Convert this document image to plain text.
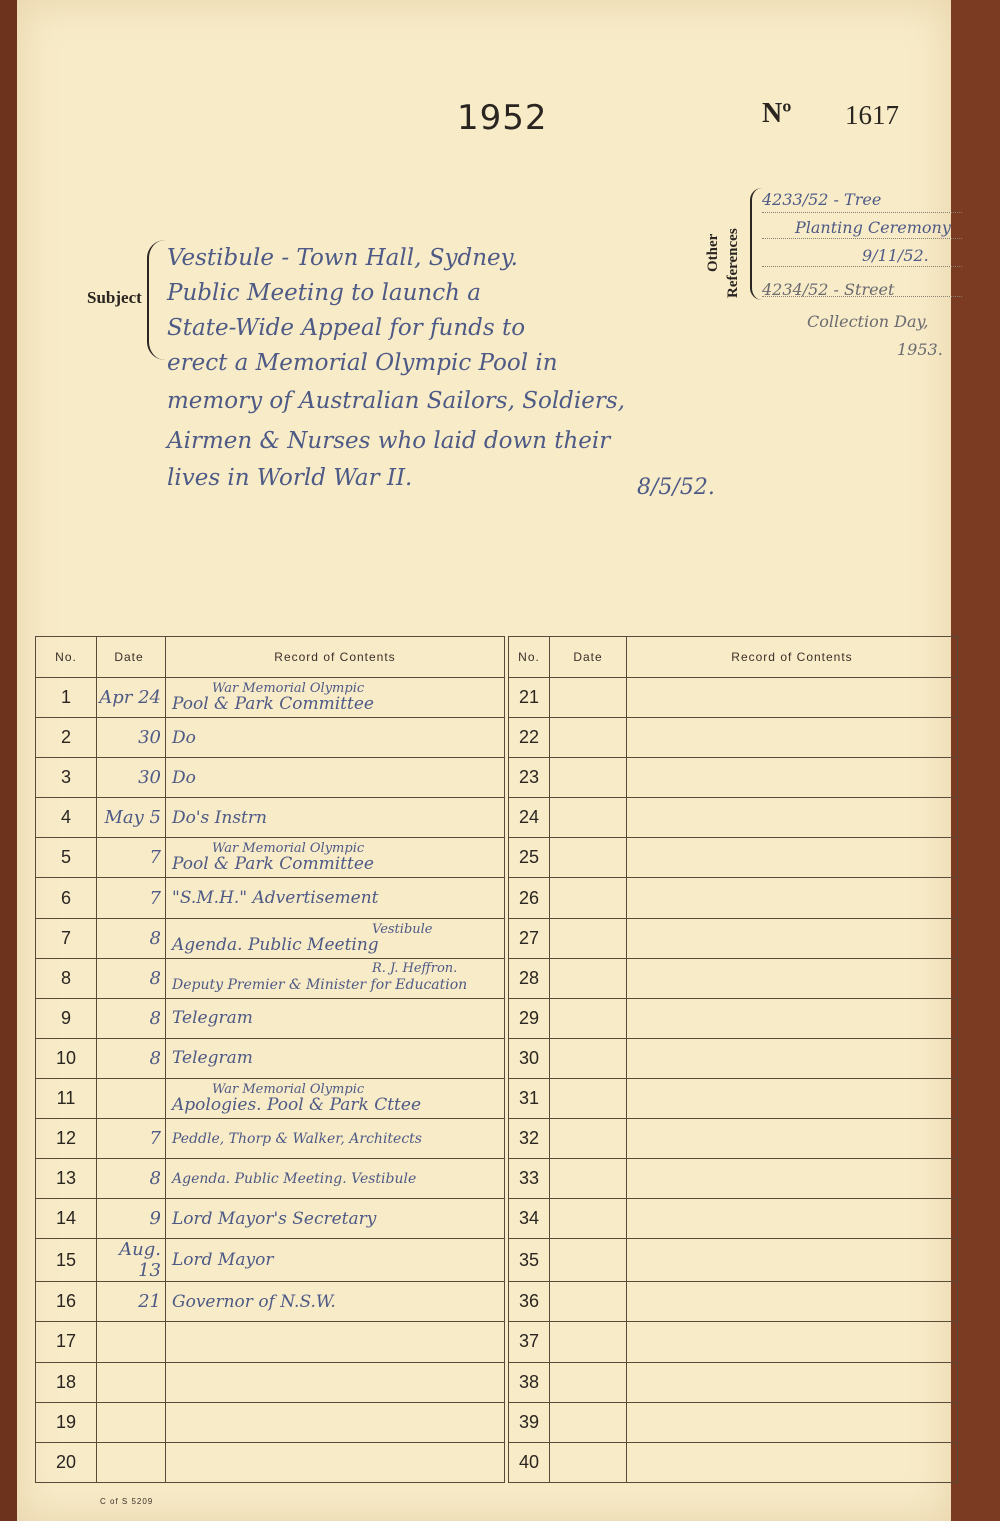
1952	Nº 1617
Subject
Vestibule - Town Hall, Sydney.
Public Meeting to launch a
State-Wide Appeal for funds to
erect a Memorial Olympic Pool in
memory of Australian Sailors, Soldiers,
Airmen & Nurses who laid down their
lives in World War II.	8/5/52.
Other References
4233/52 - Tree
Planting Ceremony
9/11/52.
4234/52 - Street
Collection Day,
1953.
No.	Date	Record of Contents		No.	Date	Record of Contents
1	Apr 24	War Memorial Olympic
Pool & Park Committee		21		
2	30	Do		22		
3	30	Do		23		
4	May 5	Do's Instrn		24		
5	7	War Memorial Olympic
Pool & Park Committee		25		
6	7	"S.M.H." Advertisement		26		
7	8	Vestibule
Agenda. Public Meeting		27		
8	8	R. J. Heffron.
Deputy Premier & Minister for Education		28		
9	8	Telegram		29		
10	8	Telegram		30		
11		War Memorial Olympic
Apologies. Pool & Park Cttee		31		
12	7	Peddle, Thorp & Walker, Architects		32		
13	8	Agenda. Public Meeting. Vestibule		33		
14	9	Lord Mayor's Secretary		34		
15	Aug. 13	Lord Mayor		35		
16	21	Governor of N.S.W.		36		
17				37		
18				38		
19				39		
20				40		
C of S 5209
